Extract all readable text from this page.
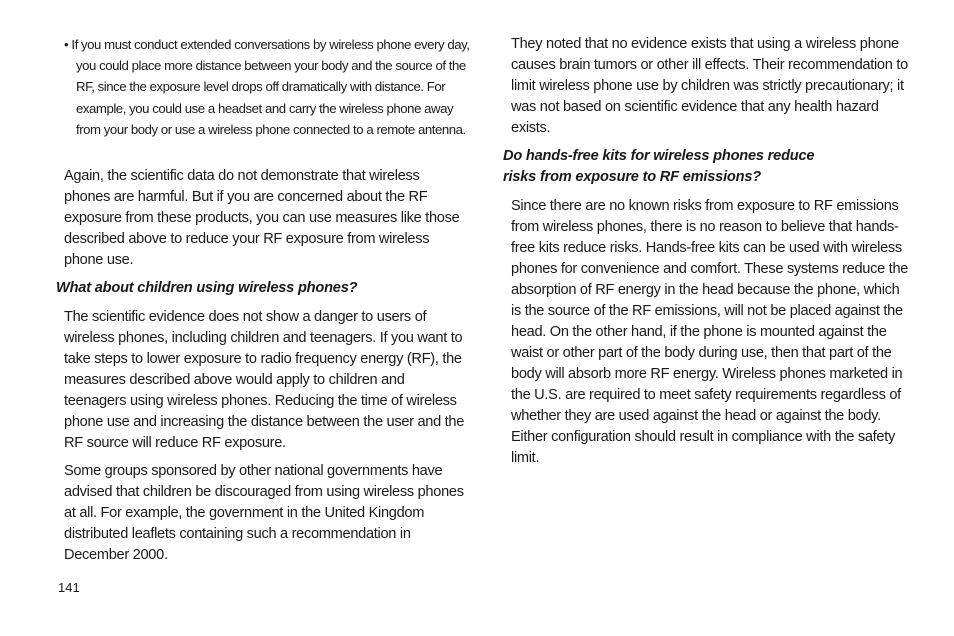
• If you must conduct extended conversations by wireless phone every day, you could place more distance between your body and the source of the RF, since the exposure level drops off dramatically with distance. For example, you could use a headset and carry the wireless phone away from your body or use a wireless phone connected to a remote antenna.

Again, the scientific data do not demonstrate that wireless phones are harmful. But if you are concerned about the RF exposure from these products, you can use measures like those described above to reduce your RF exposure from wireless phone use.

What about children using wireless phones?

The scientific evidence does not show a danger to users of wireless phones, including children and teenagers. If you want to take steps to lower exposure to radio frequency energy (RF), the measures described above would apply to children and teenagers using wireless phones. Reducing the time of wireless phone use and increasing the distance between the user and the RF source will reduce RF exposure.

Some groups sponsored by other national governments have advised that children be discouraged from using wireless phones at all. For example, the government in the United Kingdom distributed leaflets containing such a recommendation in December 2000.

They noted that no evidence exists that using a wireless phone causes brain tumors or other ill effects. Their recommendation to limit wireless phone use by children was strictly precautionary; it was not based on scientific evidence that any health hazard exists.

Do hands-free kits for wireless phones reduce

risks from exposure to RF emissions?

Since there are no known risks from exposure to RF emissions from wireless phones, there is no reason to believe that hands-free kits reduce risks. Hands-free kits can be used with wireless phones for convenience and comfort. These systems reduce the absorption of RF energy in the head because the phone, which is the source of the RF emissions, will not be placed against the head. On the other hand, if the phone is mounted against the waist or other part of the body during use, then that part of the body will absorb more RF energy. Wireless phones marketed in the U.S. are required to meet safety requirements regardless of whether they are used against the head or against the body. Either configuration should result in compliance with the safety limit.

141
